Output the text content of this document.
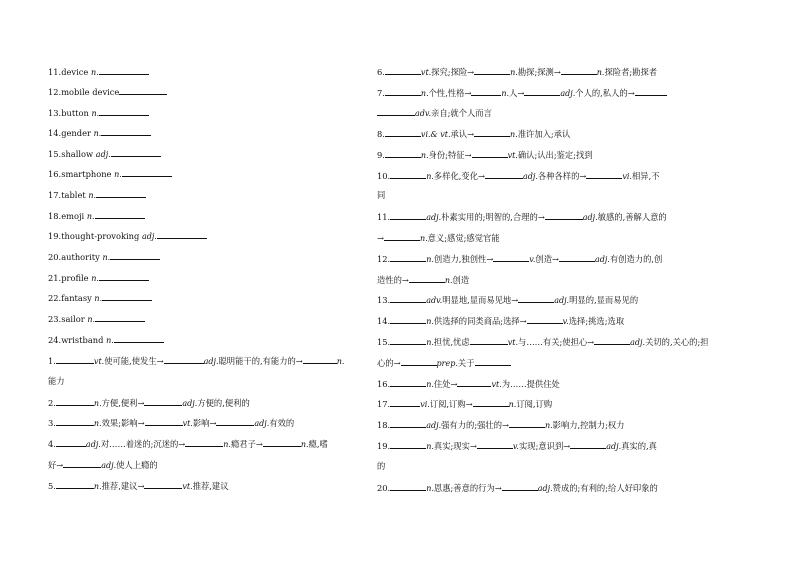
11.device n.
12.mobile device
13.button n.
14.gender n.
15.shallow adj.
16.smartphone n.
17.tablet n.
18.emoji n.
19.thought-provoking adj.
20.authority n.
21.profile n.
22.fantasy n.
23.sailor n.
24.wristband n.
1.	vt.使可能,使发生→	adj.聪明能干的,有能力的→	n.
能力
2.	n.方便,便利→	adj.方便的,便利的
3.	n.效果;影响→	vt.影响→	adj.有效的
4.	adj.对……着迷的;沉迷的→	n.瘾君子→	n.瘾,嗜
好→	adj.使人上瘾的
5.	n.推荐,建议→	vt.推荐,建议
6.	vt.探究;探险→	n.勘探;探测→	n.探险者;勘探者
7.	n.个性,性格→	n.人→	adj.个人的,私人的→
adv.亲自;就个人而言
8.	vi.& vt.承认→	n.准许加入;承认
9.	n.身份;特征→	vt.确认;认出;鉴定;找到
10.	n.多样化,变化→	adj.各种各样的→	vi.相异,不
同
11.	adj.朴素实用的;明智的,合理的→	adj.敏感的,善解人意的
→	n.意义;感觉;感觉官能
12.	n.创造力,独创性→	v.创造→	adj.有创造力的,创
造性的→	n.创造
13.	adv.明显地,显而易见地→	adj.明显的,显而易见的
14.	n.供选择的同类商品;选择→	v.选择;挑选;选取
15.	n.担忧,忧虑	vt.与……有关;使担心→	adj.关切的,关心的;担
心的→	prep.关于
16.	n.住处→	vt.为……提供住处
17.	vi.订阅,订购→	n.订阅,订购
18.	adj.强有力的;强壮的→	n.影响力,控制力;权力
19.	n.真实;现实→	v.实现;意识到→	adj.真实的,真
的
20.	n.恩惠;善意的行为→	adj.赞成的;有利的;给人好印象的
